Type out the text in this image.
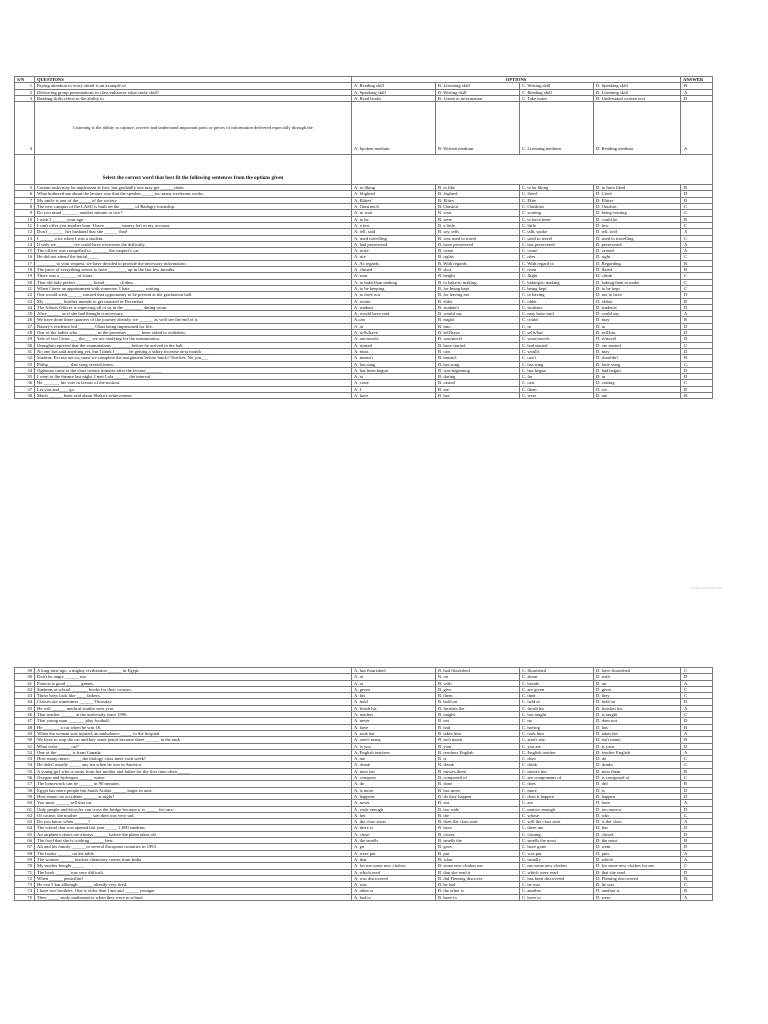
S/N	QUESTIONS	OPTIONS				ANSWER
1	Paying attention to every detail is an example of	A. Reading skill	B. Listening skill	C. Writing skill	D. Speaking skill	B
2	Delivering group presentations in class enhances what study skill?	A. Speaking skill	B. Writing skill	C. Reading skill	D. Listening skill	A
3	Reading skills refers to the ability to	A. Read books	B. Listen to information	C. Take notes	D. Understand written text	D
4	Listening is the ability to capture, receive and understand important parts or pieces of information delivered especially through the	A. Spoken medium	B. Written medium	C. Listening medium	D. Reading medium	A
	Select the correct word that best fit the following sentences from the options given					
5	Certain tasks may be unpleasant at first, but gradually one may get ______them.	A. to liking	B. to like	C. to be liking	D. to have liked	B
6	What bothered me about the lecture was that the speaker______too many irrelevant works.	A. Slighted	B. Sighted	C. Sited	D. Cited	D
7	My uncle is one of the _____ of the society	A. Elities'	B. Elites	C. Elite	D. Elitise	B
8	The new campus of the LASU is built on the ______ of Badagry township.	A. Outstretch	B. Outskirt	C. Outskirts	D. Outshirt	C
9	Do you mind _______ another minute or two?	A. to wait	B. wait	C. waiting	D. being waiting	C
10	I wish I ______ your age.	A. to be	B. were	C. to have been	D. could be	B
11	I can't offer you another loan. I have _______ money left in my account.	A. a few	B. a little	C. little	D. few	C
12	Don't _______ her husband that she ______ that!	A. tell, said	B. say, tells	C. talk, spoke	D. tell, told	A
13	I ______ a lot when I was a student.	A. used travelling	B. was used to travel	C. used to travel	D. used to travelling	C
14	If only we _______ we could have overcome the difficulty	A. had persevered	B. have persevered	C. has persevered	D. persevered	A
15	The officer was compelled to _______ the suspect's car.	A. seize	B. cease	C. cease	D. ceased	A
16	He did not attend the burial_____	A. rite	B. rights	C. rites	D. right	C
17	________ to your request, we have decided to provide the necessary information.	A. As regards	B. With regards	C. With regard to	D. Regarding	B
18	The price of everything seems to have ________ up in the last few months.	A. climed	B. shot	C. risen	D. flated	B
19	There was a _______ of stairs.	A. stair	B. height	C. flight	D. climb	C
20	That old lady prefers _______ bread ______ clothes.	A. to bake/than making	B. to bake/to making	C. baking/to making	D. baking/than to make	C
21	When I have an appointment with someone, I hate ______ waiting.	A. to be keeping	B. for being kept	C. being kept	D. to be kept	C
22	One would wish ______ missed that opportunity to be present at the graduation hall.	A. to have not	B. for having not	C. to having	D. not to have	D
23	My ________ brother intends to get married in December	A. senior	B. elder	C. older	D. oldest	B
24	The Affairs Officer is expecting all of us in the ________ dining room.	A. student	B. student's	C. students	D. students'	D
25	Alice______ so if she had thought it necessary.	A. would have said	B. would say	C. may have said	D. could say	A
26	We have done three quarters of the journey already, we ______ as well see the end of it.	A.can	B. might	C. could	D. may	B
27	Bassey's evidence led _______ Olasi being imprisoned for life.	A. at	B. into	C. in	D. to	D
28	One of the ladies who ________ in the premises ______ been asked to withdraw.	A. sells/have	B. sell/have	C. sells/has	D. sell/has	D
29	Tale of two Cities ___ the___ we are studying for the examination.	A. are/novels	B. was/novel	C. were/novels	D. is/novel	D
30	Omoghai reported that the examinations ________ before he arrived in the hall.	A. started	B. have started	C. had started	D. are started	C
31	No one has said anything yet, but I think I______ be getting a salary increase next month	A. must	B. can	C. would	D. may	D
32	Student: Excuse me sir, must we complete the assignment before lunch? Teacher: No you___	A. mustn't	B. mustn't	C. can't	D. shouldn't	B
33	Philip _________ that song several times.	A. has sang	B. has song	C. has sung	D. have sung	C,
34	Ogbonna came to the class twenty minutes after the lecture_______	A. has been begun	B. was beginning	C. has begun	D. had begun	D
35	I went to the theatre last night. I met Lola ______ the interval.	A. at	B. during	C. for	D. in	B
36	He _______ his vote in favour of the motion.	A. caste	B. casted	C. cast	D. casting	C
37	Let you and____ go.	A. I	B. me	C. them	D. we	B
38	Much ______ been said about Shaka's achievement.	A. have	B. has	C. were	D. are	B
Scanned with CamScanner
39	A long time ago, a mighty civilization ______ in Egypt.	A. has flourished	B. had flourished	C. flourished	D. have flourished	C
40	Don't be angry ______ me.	A. at	B. on	C. about	D. with	D
41	Francis is good ______ games.	A. at	B. with	C. beside	D. on	A
42	Students at school _______ books for their courses.	A. given	B. give	C. are given	D. gives	C
43	Those boys look like ____ fathers.	A. his	B. them	C. their	D. they	C
44	Classes are sometimes ______ Thursday.	A. hold	B. hold on	C. held at	D. held on	D
45	He will ______ medical studies next year.	A. finish his	B. finishes the	C. finish his	D. finishes his	A
46	That teacher ______ at the university since 1990.	A. teaches	B. taught	C. has taught	D. is taught	C
47	That young man _______ play football.	A. never	B. not	C. no	D. does not	D
48	He _______ a car when he was 16.	A. have	B. had	C. having	D. has	B
49	When the woman was injured, an ambulance _____ to the hospital.	A. took her	B. takes him	C. took him	D. takes her	A
50	We have to stop the car and buy some petrol because there ______ in the tank.	A. aren't many	B. isn't much	C. aren't any	D. isn't many	B
51	What color _____ car?	A. is you	B. your	C. you are	D. is your	D
52	One of the ______ is from Canada.	A. English teachers	B. teachers English	C. English teacher	D. teacher English	A
53	How many times-_____ the biology class meet each week?	A. are	B. is	C. does	D. do	C
54	He didn't usually _____ any tea when he was in America	A. drank	B. drunk	C. drink	D. drinks	C
55	A young girl who is away from her mother and father for the first time often______	A. miss her	B. misses them	C. misses her	D. miss them	B
56	Oxygen and hydrogen ______ water.	A. compose	B. composed of	C. are components of	D. is composed of	C
57	The homework can be ______ in 90 minutes.	A. do	B. done	C. does	D. did	B
58	Egypt has more people but Saudi Arabia ______ larger in area.	A. is more	B. has more	C. more	D. is	D
59	How many car accidents ______ at night?	A. happens	B. do they happen	C. does it happen	D. happen	D
60	You must ______ sell that car.	A. never	B. not	C. are	D. have	A
61	Only people and bicycles can cross the bridge because it is _____ for cars.	A. wide enough	B. too wide	C. narrow enough	D. too narrow	D
62	Of course, the mother ______ son died was very sad.	A. her	B. the	C. whose	D. who	C
63	Do you know when ______?	A. the class starts	B. does the class start	C. will the class start	D. is the class	A
64	The school that was opened last year _____ 1,000 students.	A. there is	B. have	C. there are	D. has	D
65	An airplane's doors are always ______ before the plane takes off.	A. close	B. closes	C. closing	D. closed	D
66	The food that she is cooking ______ best.	A. the smells	B. smells the	C. smells the most	D. the most	B
67	Ali and his family ______ to several European countries in 1993.	A. go	B. goes	C. have gone	D. went	D
68	The books ______ on the table.	A. were put	B. put	C. was put	D. puts	A
69	The woman ______ teaches chemistry comes from India.	A. that	B. what	C. usually	D. which	A
70	My mother bought _____	A. for me some new clothes	B. some new clothes me	C. me some new clothes	D. for some new clothes for me	C
71	The book ______ was very difficult.	A. which read	B. that she read it	C. which were read	D. that she read	D
72	When ______ penicillin?	A. was discovered	B. did Fleming discover	C. has been discovered	D. Fleming discovered	B,
73	He can 5 km although ______ already very tired.	A. was	B. he had	C. he was	D. he was	C
74	I have two brothers. One is older than I am and ______ younger	A. other is	B. the other is	C. another	D. another is	B
75	They _____ study mathematics when they were in school.	A. had to	B. have to	C. have to	D. were	A
